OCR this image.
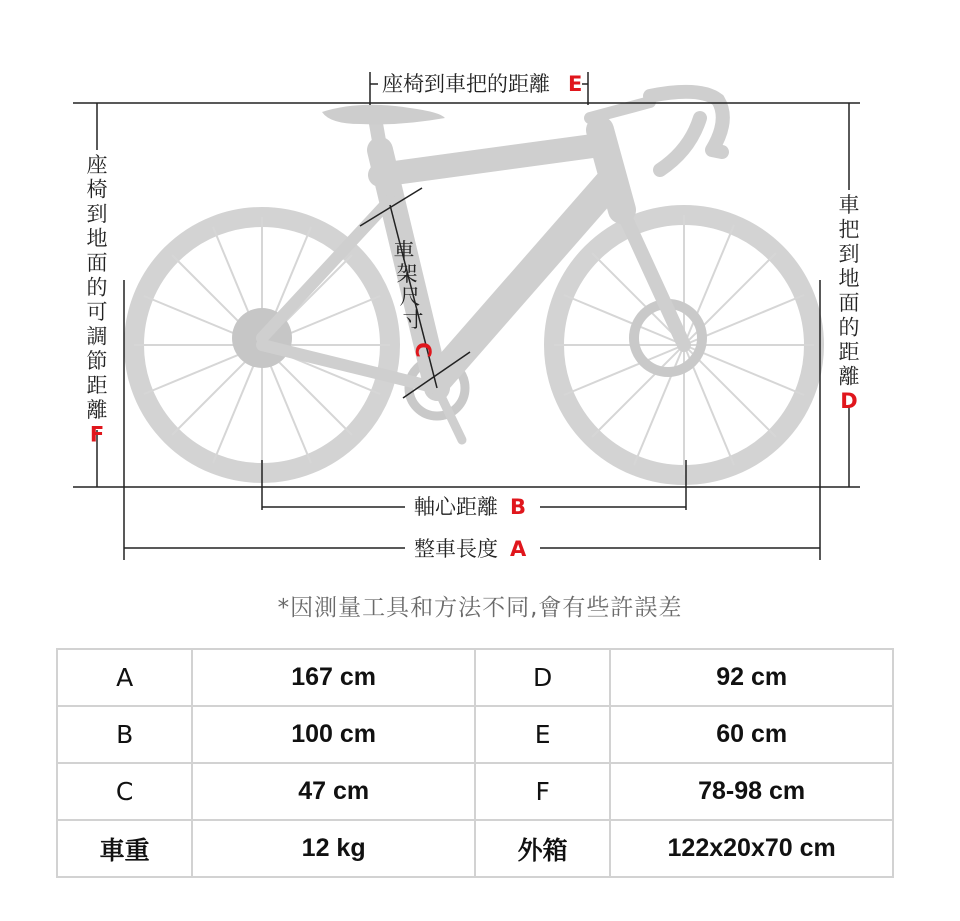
座椅到車把的距離 E
座
椅
到
地
面
的
可
調
節
距
離
F
車
把
到
地
面
的
距
離
D
車
架
尺
寸
C
軸心距離 B
整車長度 A
*因測量工具和方法不同,會有些許誤差
A	167 cm	D	92 cm
B	100 cm	E	60 cm
C	47 cm	F	78-98 cm
車重	12 kg	外箱	122x20x70 cm
